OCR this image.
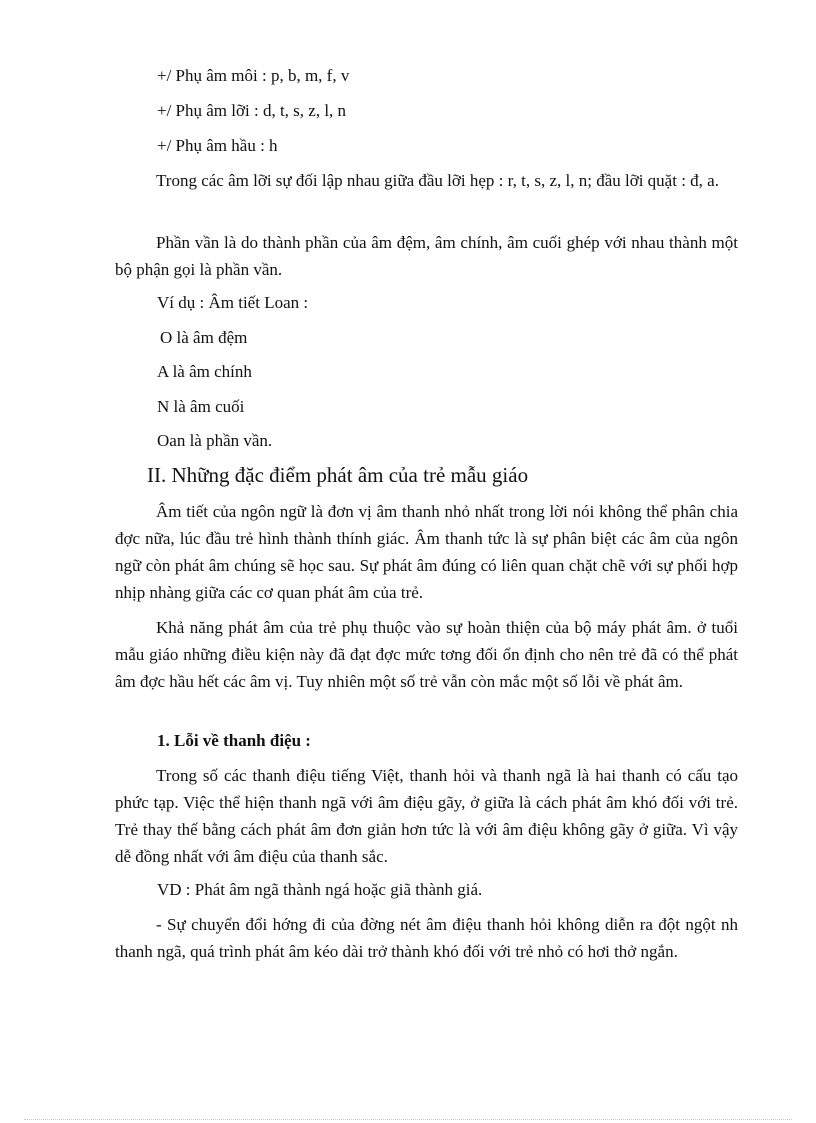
+/ Phụ âm môi : p, b, m, f, v
+/ Phụ âm lỡi : d, t, s, z, l, n
+/ Phụ âm hầu : h
Trong các âm lỡi sự đối lập nhau giữa đầu lỡi hẹp : r, t, s, z, l, n; đầu lỡi quặt : đ, a.
Phần vần là do thành phần của âm đệm, âm chính, âm cuối ghép với nhau thành một bộ phận gọi là phần vần.
Ví dụ : Âm tiết Loan :
O là âm đệm
A là âm chính
N là âm cuối
Oan là phần vần.
II. Những đặc điểm phát âm của trẻ mẫu giáo
Âm tiết của ngôn ngữ là đơn vị âm thanh nhỏ nhất trong lời nói không thể phân chia đợc nữa, lúc đầu trẻ hình thành thính giác. Âm thanh tức là sự phân biệt các âm của ngôn ngữ còn phát âm chúng sẽ học sau. Sự phát âm đúng có liên quan chặt chẽ với sự phối hợp nhịp nhàng giữa các cơ quan phát âm của trẻ.
Khả năng phát âm của trẻ phụ thuộc vào sự hoàn thiện của bộ máy phát âm. ở tuổi mẫu giáo những điều kiện này đã đạt đợc mức tơng đối ổn định cho nên trẻ đã có thể phát âm đợc hầu hết các âm vị. Tuy nhiên một số trẻ vẫn còn mắc một số lỗi về phát âm.
1. Lỗi về thanh điệu :
Trong số các thanh điệu tiếng Việt, thanh hỏi và thanh ngã là hai thanh có cấu tạo phức tạp. Việc thể hiện thanh ngã với âm điệu gãy, ở giữa là cách phát âm khó đối với trẻ. Trẻ thay thế bằng cách phát âm đơn giản hơn tức là với âm điệu không gãy ở giữa. Vì vậy dễ đồng nhất với âm điệu của thanh sắc.
VD : Phát âm ngã thành ngá hoặc giã thành giá.
- Sự chuyển đổi hớng đi của đờng nét âm điệu thanh hỏi không diễn ra đột ngột nh thanh ngã, quá trình phát âm kéo dài trở thành khó đối với trẻ nhỏ có hơi thở ngắn.
